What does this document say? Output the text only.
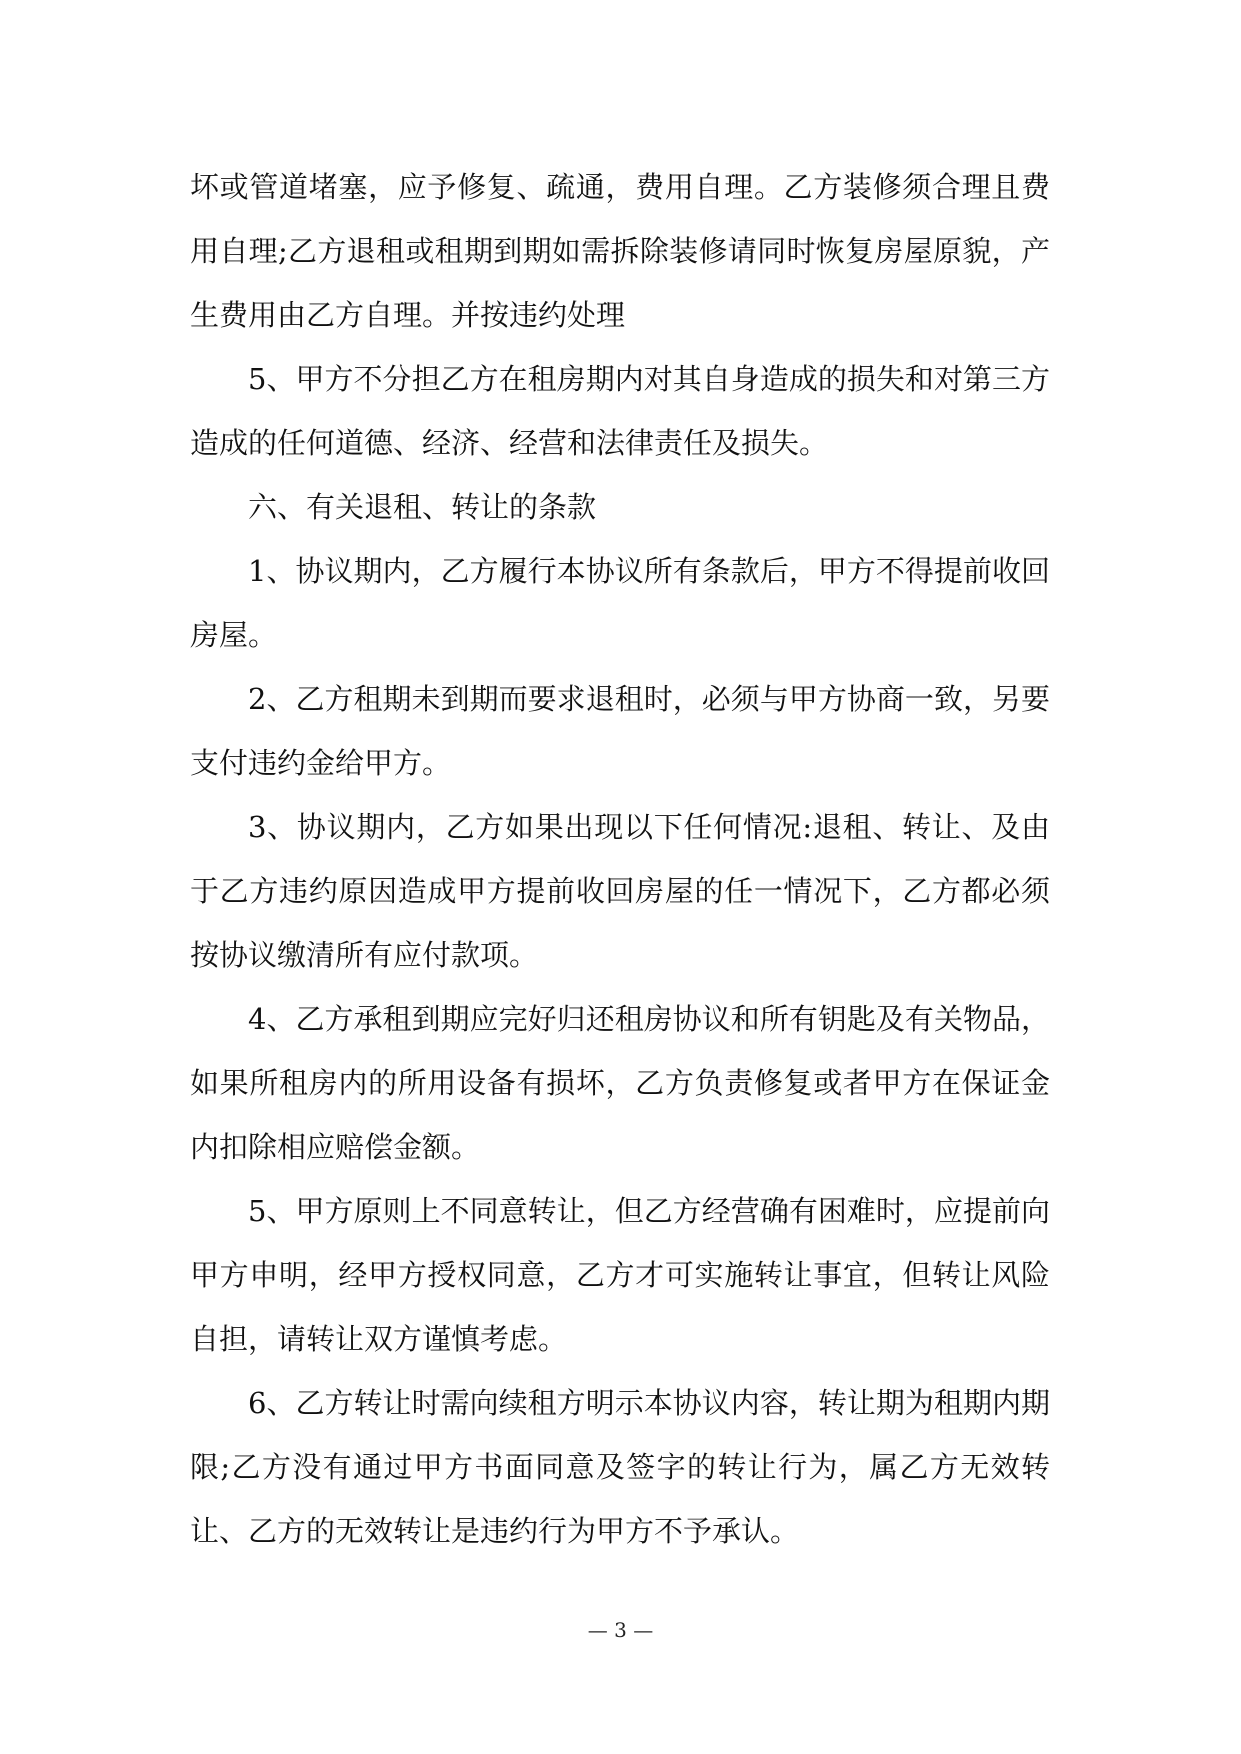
坏或管道堵塞，应予修复、疏通，费用自理。乙方装修须合理且费用自理;乙方退租或租期到期如需拆除装修请同时恢复房屋原貌，产生费用由乙方自理。并按违约处理

5、甲方不分担乙方在租房期内对其自身造成的损失和对第三方造成的任何道德、经济、经营和法律责任及损失。

六、有关退租、转让的条款

1、协议期内，乙方履行本协议所有条款后，甲方不得提前收回房屋。

2、乙方租期未到期而要求退租时，必须与甲方协商一致，另要支付违约金给甲方。

3、协议期内，乙方如果出现以下任何情况:退租、转让、及由于乙方违约原因造成甲方提前收回房屋的任一情况下，乙方都必须按协议缴清所有应付款项。

4、乙方承租到期应完好归还租房协议和所有钥匙及有关物品，如果所租房内的所用设备有损坏，乙方负责修复或者甲方在保证金内扣除相应赔偿金额。

5、甲方原则上不同意转让，但乙方经营确有困难时，应提前向甲方申明，经甲方授权同意，乙方才可实施转让事宜，但转让风险自担，请转让双方谨慎考虑。

6、乙方转让时需向续租方明示本协议内容，转让期为租期内期限;乙方没有通过甲方书面同意及签字的转让行为，属乙方无效转让、乙方的无效转让是违约行为甲方不予承认。

— 3 —
